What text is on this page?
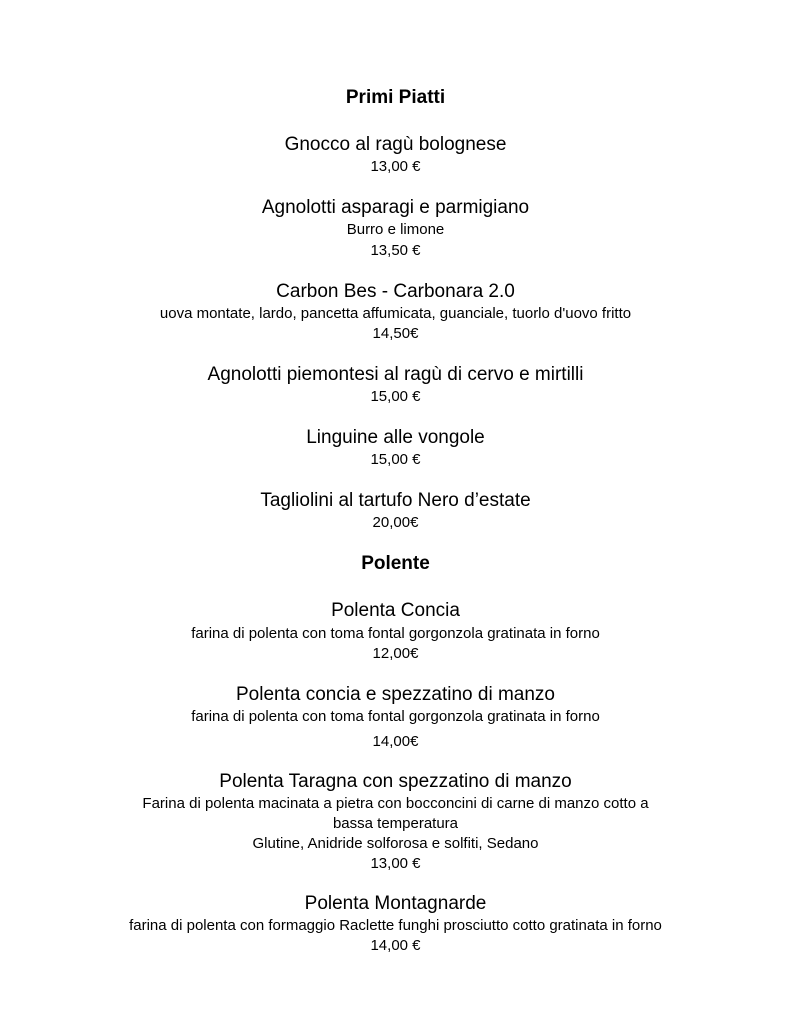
Primi Piatti
Gnocco al ragù bolognese
13,00 €
Agnolotti asparagi e parmigiano
Burro e limone
13,50 €
Carbon Bes - Carbonara 2.0
uova montate, lardo, pancetta affumicata, guanciale, tuorlo d'uovo fritto
14,50€
Agnolotti piemontesi al ragù di cervo e mirtilli
15,00 €
Linguine alle vongole
15,00 €
Tagliolini al tartufo Nero d’estate
20,00€
Polente
Polenta Concia
farina di polenta con toma fontal gorgonzola gratinata in forno
12,00€
Polenta concia e spezzatino di manzo
farina di polenta con toma fontal gorgonzola gratinata in forno
14,00€
Polenta Taragna con spezzatino di manzo
Farina di polenta macinata a pietra con bocconcini di carne di manzo cotto a
bassa temperatura
Glutine, Anidride solforosa e solfiti, Sedano
13,00 €
Polenta Montagnarde
farina di polenta con formaggio Raclette funghi prosciutto cotto gratinata in forno
14,00 €
